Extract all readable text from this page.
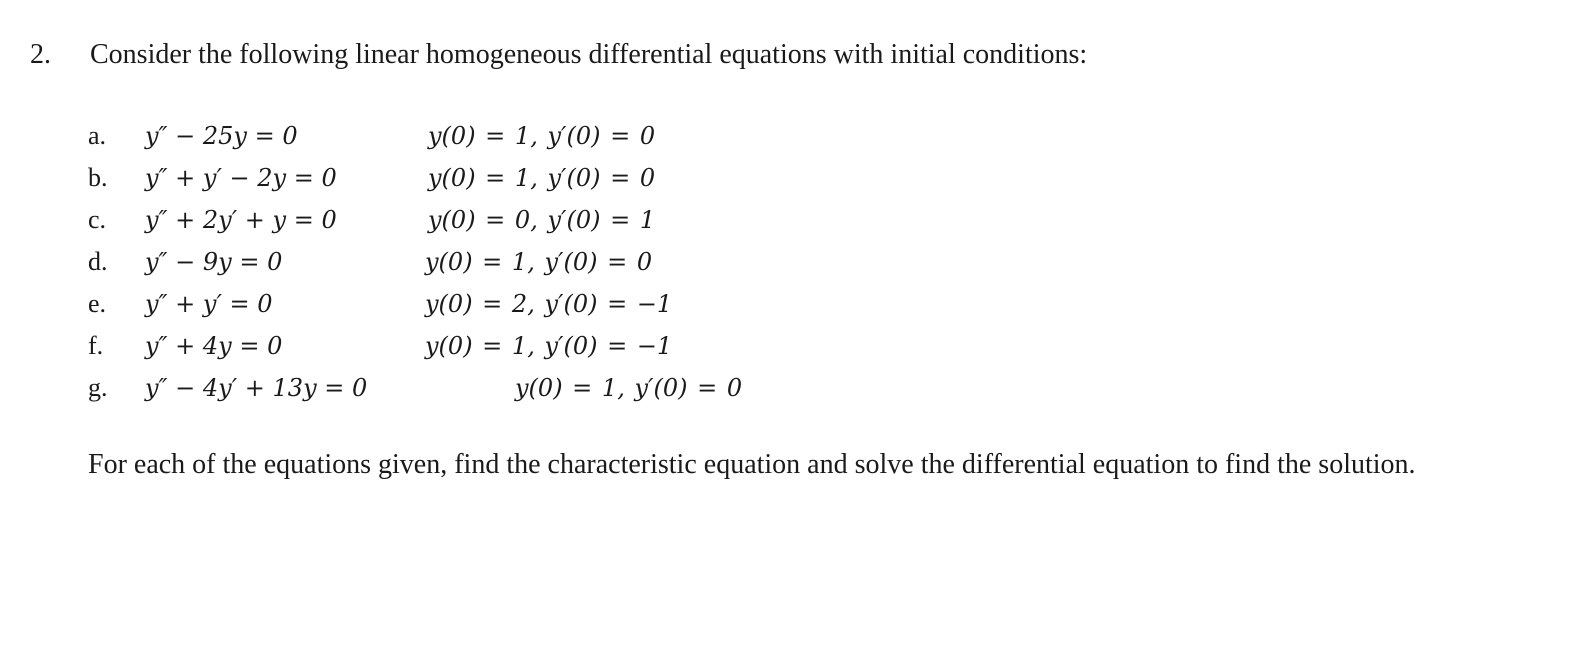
2. Consider the following linear homogeneous differential equations with initial conditions:
a. y″ − 25y = 0	y(0) = 1, y′(0) = 0
b. y″ + y′ − 2y = 0	y(0) = 1, y′(0) = 0
c. y″ + 2y′ + y = 0	y(0) = 0, y′(0) = 1
d. y″ − 9y = 0	y(0) = 1, y′(0) = 0
e. y″ + y′ = 0	y(0) = 2, y′(0) = −1
f. y″ + 4y = 0	y(0) = 1, y′(0) = −1
g. y″ − 4y′ + 13y = 0	y(0) = 1, y′(0) = 0
For each of the equations given, find the characteristic equation and solve the differential equation to find the solution.
